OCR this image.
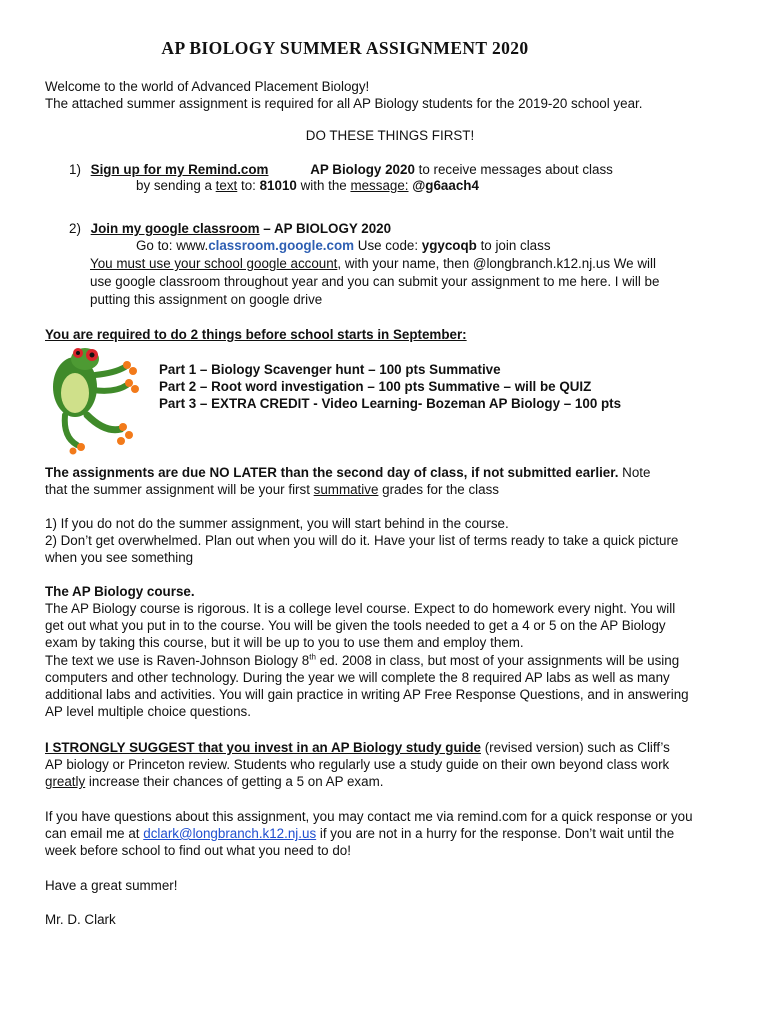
AP BIOLOGY SUMMER ASSIGNMENT 2020
Welcome to the world of Advanced Placement Biology!
The attached summer assignment is required for all AP Biology students for the 2019-20 school year.
DO THESE THINGS FIRST!
1) Sign up for my Remind.com	AP Biology 2020 to receive messages about class
by sending a text to: 81010 with the message: @g6aach4
2) Join my google classroom – AP BIOLOGY 2020
Go to: www.classroom.google.com Use code: ygycoqb to join class
You must use your school google account, with your name, then @longbranch.k12.nj.us We will
use google classroom throughout year and you can submit your assignment to me here. I will be
putting this assignment on google drive
You are required to do 2 things before school starts in September:
Part 1 – Biology Scavenger hunt – 100 pts Summative
Part 2 – Root word investigation – 100 pts Summative – will be QUIZ
Part 3 – EXTRA CREDIT - Video Learning- Bozeman AP Biology – 100 pts
The assignments are due NO LATER than the second day of class, if not submitted earlier. Note
that the summer assignment will be your first summative grades for the class
1) If you do not do the summer assignment, you will start behind in the course.
2) Don’t get overwhelmed. Plan out when you will do it. Have your list of terms ready to take a quick picture
when you see something
The AP Biology course.
The AP Biology course is rigorous. It is a college level course. Expect to do homework every night. You will
get out what you put in to the course. You will be given the tools needed to get a 4 or 5 on the AP Biology
exam by taking this course, but it will be up to you to use them and employ them.
The text we use is Raven-Johnson Biology 8th ed. 2008 in class, but most of your assignments will be using
computers and other technology. During the year we will complete the 8 required AP labs as well as many
additional labs and activities. You will gain practice in writing AP Free Response Questions, and in answering
AP level multiple choice questions.
I STRONGLY SUGGEST that you invest in an AP Biology study guide (revised version) such as Cliff’s
AP biology or Princeton review. Students who regularly use a study guide on their own beyond class work
greatly increase their chances of getting a 5 on AP exam.
If you have questions about this assignment, you may contact me via remind.com for a quick response or you
can email me at dclark@longbranch.k12.nj.us if you are not in a hurry for the response. Don’t wait until the
week before school to find out what you need to do!
Have a great summer!
Mr. D. Clark
